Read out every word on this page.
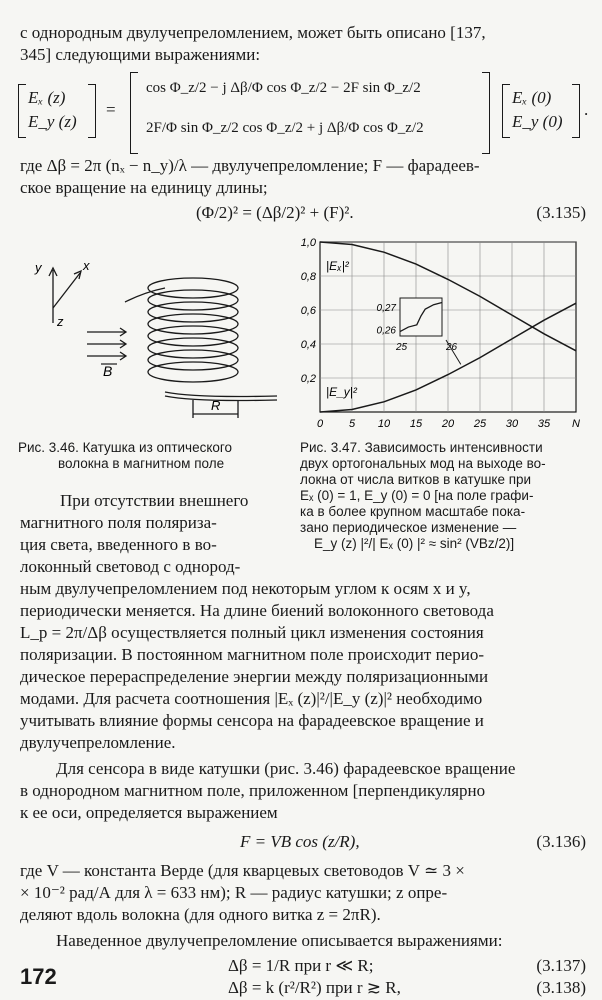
с однородным двулучепреломлением, может быть описано [137,
345] следующими выражениями:
Eₓ (z)
E_y (z)
=
cos Φ_z/2 − j Δβ/Φ cos Φ_z/2 − 2F sin Φ_z/2
2F/Φ sin Φ_z/2 cos Φ_z/2 + j Δβ/Φ cos Φ_z/2
Eₓ (0)
E_y (0)
.
где Δβ = 2π (nₓ − n_y)/λ — двулучепреломление; F — фарадеев-
ское вращение на единицу длины;
(Φ/2)² = (Δβ/2)² + (F)².	(3.135)
y	x
z
B
R
0,2
0,4
0,6
0,8
1,0
0 5 10 15 20 25 30 35 N
|Eₓ|²
|E_y|²
0,27
0,26
25	26
Рис. 3.46. Катушка из оптического
волокна в магнитном поле
Рис. 3.47. Зависимость интенсивности
двух ортогональных мод на выходе во-
локна от числа витков в катушке при
Eₓ (0) = 1, E_y (0) = 0 [на поле графи-
ка в более крупном масштабе пока-
зано периодическое изменение —
E_y (z) |²/| Eₓ (0) |² ≈ sin² (VBz/2)]
При отсутствии внешнего
магнитного поля поляриза-
ция света, введенного в во-
локонный световод с однород-
ным двулучепреломлением под некоторым углом к осям x и y,
периодически меняется. На длине биений волоконного световода
L_p = 2π/Δβ осуществляется полный цикл изменения состояния
поляризации. В постоянном магнитном поле происходит перио-
дическое перераспределение энергии между поляризационными
модами. Для расчета соотношения |Eₓ (z)|²/|E_y (z)|² необходимо
учитывать влияние формы сенсора на фарадеевское вращение и
двулучепреломление.
Для сенсора в виде катушки (рис. 3.46) фарадеевское вращение
в однородном магнитном поле, приложенном [перпендикулярно
к ее оси, определяется выражением
F = VB cos (z/R),	(3.136)
где V — константа Верде (для кварцевых световодов V ≃ 3 ×
× 10⁻² рад/А для λ = 633 нм); R — радиус катушки; z опре-
деляют вдоль волокна (для одного витка z = 2πR).
Наведенное двулучепреломление описывается выражениями:
Δβ = 1/R при r ≪ R;	(3.137)
Δβ = k (r²/R²) при r ≳ R,	(3.138)
172
